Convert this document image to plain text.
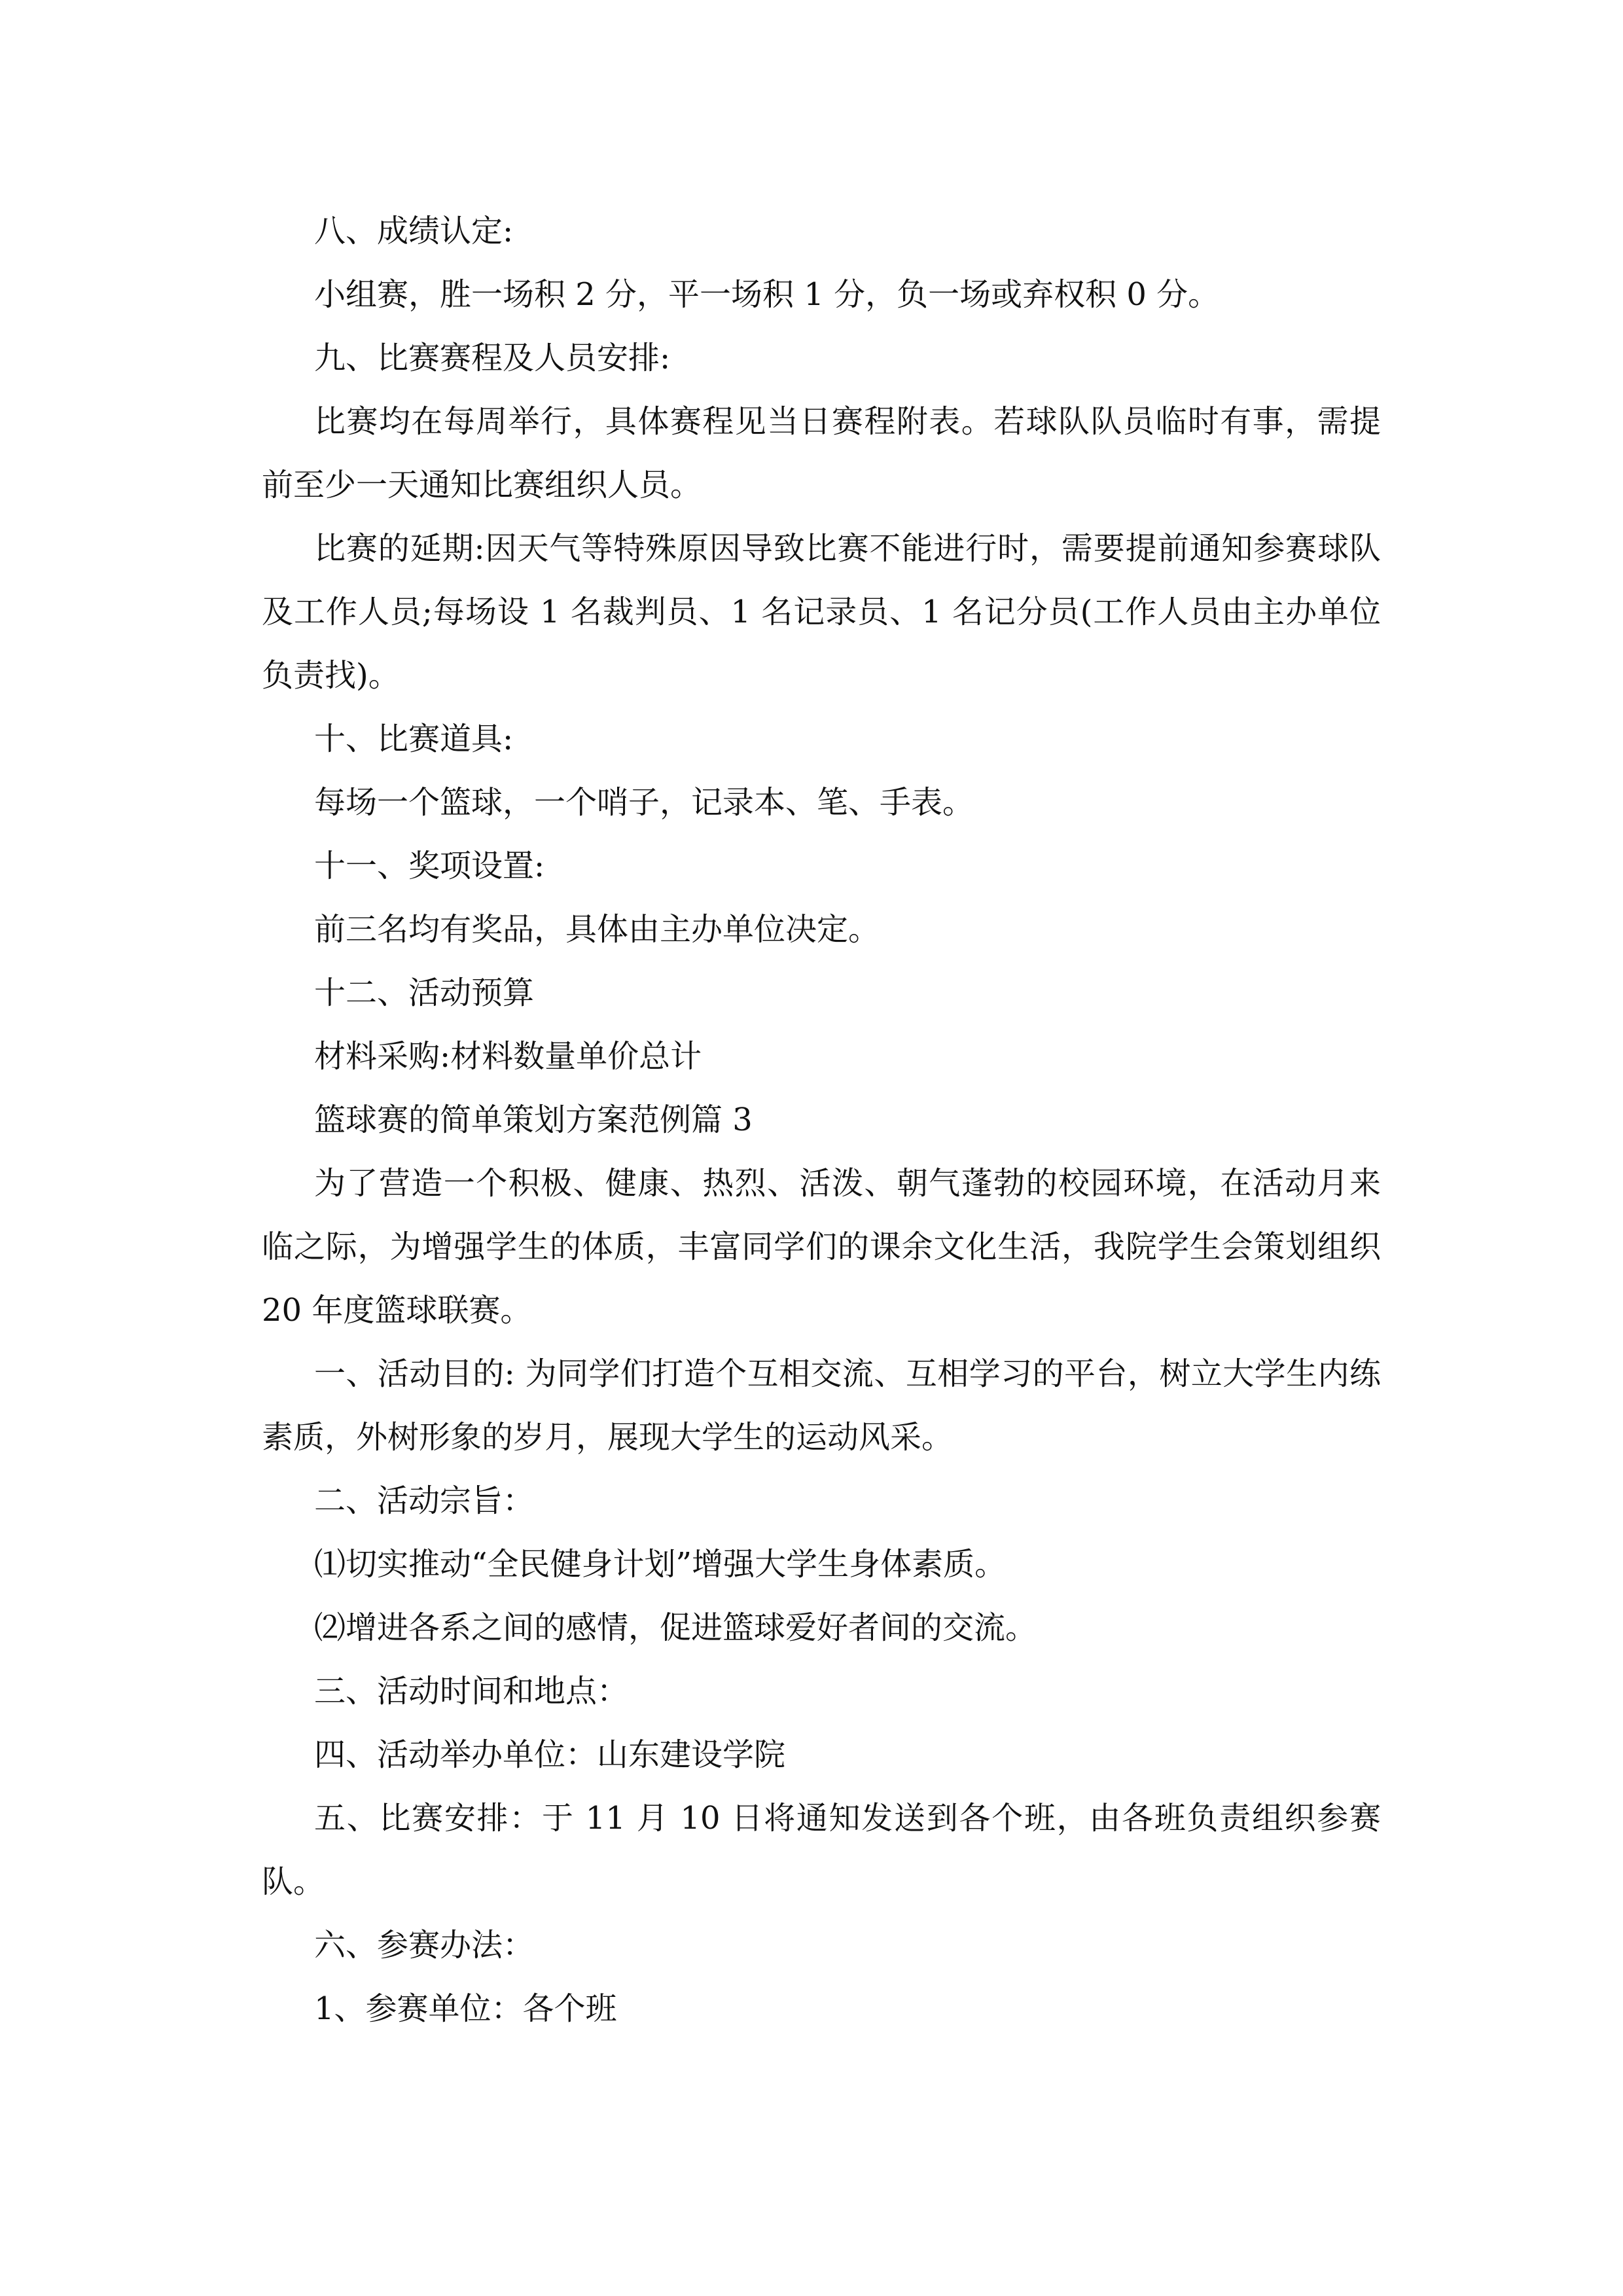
八、成绩认定:

小组赛，胜一场积 2 分，平一场积 1 分，负一场或弃权积 0 分。

九、比赛赛程及人员安排:

比赛均在每周举行，具体赛程见当日赛程附表。若球队队员临时有事，需提前至少一天通知比赛组织人员。

比赛的延期:因天气等特殊原因导致比赛不能进行时，需要提前通知参赛球队及工作人员;每场设 1 名裁判员、1 名记录员、1 名记分员(工作人员由主办单位负责找)。

十、比赛道具:

每场一个篮球，一个哨子，记录本、笔、手表。

十一、奖项设置:

前三名均有奖品，具体由主办单位决定。

十二、活动预算

材料采购:材料数量单价总计

篮球赛的简单策划方案范例篇 3

为了营造一个积极、健康、热烈、活泼、朝气蓬勃的校园环境，在活动月来临之际，为增强学生的体质，丰富同学们的课余文化生活，我院学生会策划组织 20 年度篮球联赛。

一、活动目的: 为同学们打造个互相交流、互相学习的平台，树立大学生内练素质，外树形象的岁月，展现大学生的运动风采。

二、活动宗旨：

⑴切实推动“全民健身计划”增强大学生身体素质。

⑵增进各系之间的感情，促进篮球爱好者间的交流。

三、活动时间和地点：

四、活动举办单位：山东建设学院

五、比赛安排：于 11 月 10 日将通知发送到各个班，由各班负责组织参赛队。

六、参赛办法：

1、参赛单位：各个班
